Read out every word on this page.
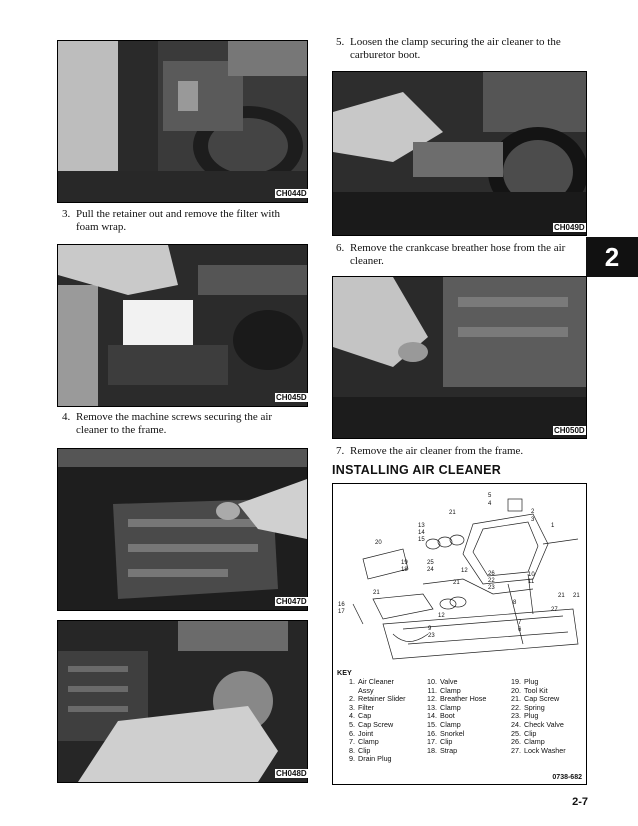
CH044D
3. Pull the retainer out and remove the filter with
foam wrap.
CH045D
4. Remove the machine screws securing the air
cleaner to the frame.
CH047D
CH048D
5. Loosen the clamp securing the air cleaner to the
carburetor boot.
CH049D
6. Remove the crankcase breather hose from the air
cleaner.	2
CH050D
7. Remove the air cleaner from the frame.
INSTALLING AIR CLEANER
5
4
21	2
3
1
13
14
15
20
19
18
25
24	12	26
22
23
10
11
21
16
17
21
12
9
23
6
27
7
8
21 21
KEY
1. Air Cleaner
Assy
2. Retainer Slider
3. Filter
4. Cap
5. Cap Screw
6. Joint
7. Clamp
8. Clip
9. Drain Plug
10. Valve
11. Clamp
12. Breather Hose
13. Clamp
14. Boot
15. Clamp
16. Snorkel
17. Clip
18. Strap
19. Plug
20. Tool Kit
21. Cap Screw
22. Spring
23. Plug
24. Check Valve
25. Clip
26. Clamp
27. Lock Washer
0738-682
2-7
